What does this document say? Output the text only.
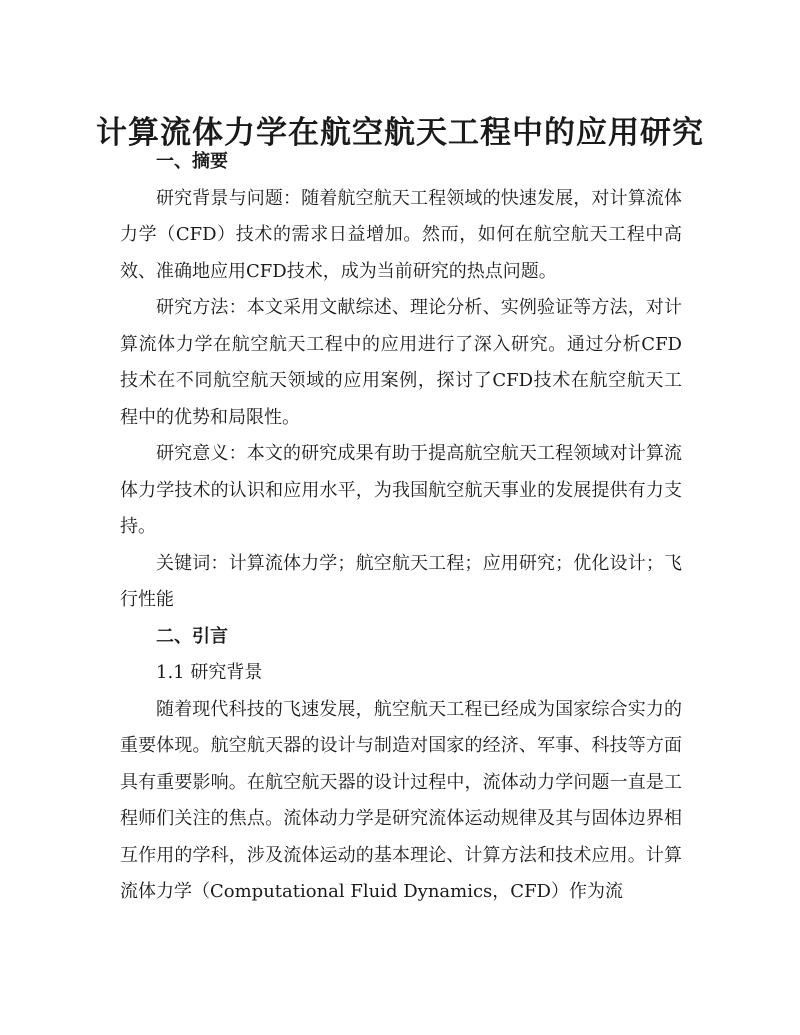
计算流体力学在航空航天工程中的应用研究
一、摘要

研究背景与问题：随着航空航天工程领域的快速发展，对计算流体力学（CFD）技术的需求日益增加。然而，如何在航空航天工程中高效、准确地应用CFD技术，成为当前研究的热点问题。

研究方法：本文采用文献综述、理论分析、实例验证等方法，对计算流体力学在航空航天工程中的应用进行了深入研究。通过分析CFD技术在不同航空航天领域的应用案例，探讨了CFD技术在航空航天工程中的优势和局限性。

研究意义：本文的研究成果有助于提高航空航天工程领域对计算流体力学技术的认识和应用水平，为我国航空航天事业的发展提供有力支持。

关键词：计算流体力学；航空航天工程；应用研究；优化设计；飞行性能

二、引言
1.1 研究背景

随着现代科技的飞速发展，航空航天工程已经成为国家综合实力的重要体现。航空航天器的设计与制造对国家的经济、军事、科技等方面具有重要影响。在航空航天器的设计过程中，流体动力学问题一直是工程师们关注的焦点。流体动力学是研究流体运动规律及其与固体边界相互作用的学科，涉及流体运动的基本理论、计算方法和技术应用。计算流体力学（Computational Fluid Dynamics，CFD）作为流
